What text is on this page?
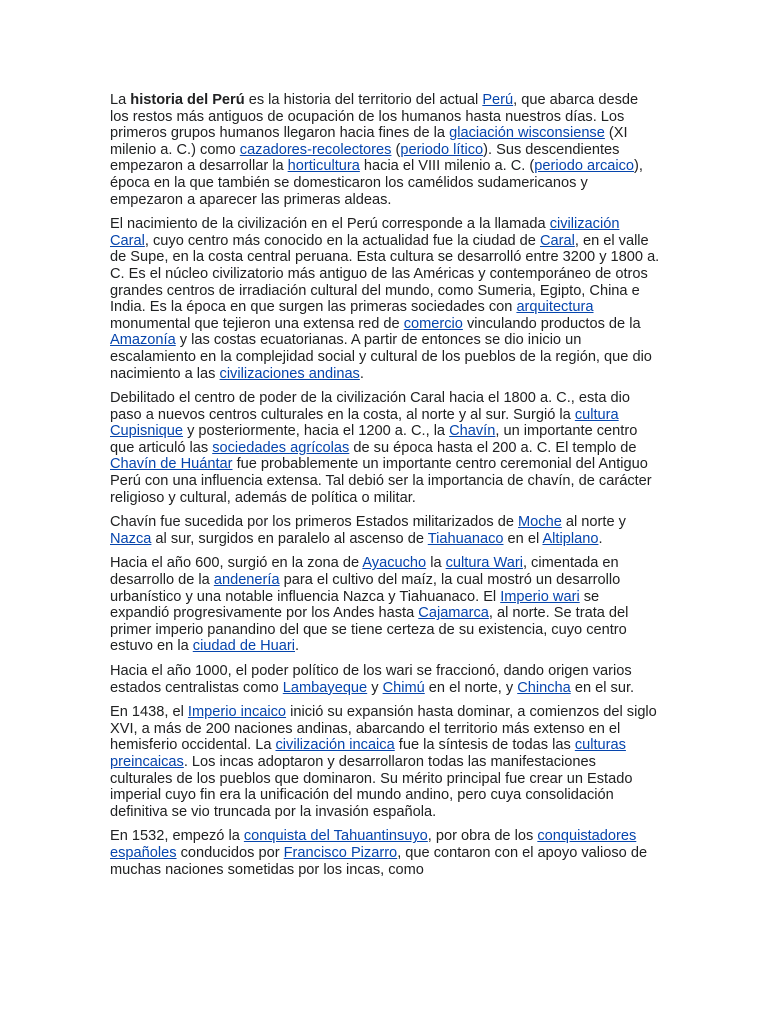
La historia del Perú es la historia del territorio del actual Perú, que abarca desde los restos más antiguos de ocupación de los humanos hasta nuestros días. Los primeros grupos humanos llegaron hacia fines de la glaciación wisconsiense (XI milenio a. C.) como cazadores-recolectores (periodo lítico). Sus descendientes empezaron a desarrollar la horticultura hacia el VIII milenio a. C. (periodo arcaico), época en la que también se domesticaron los camélidos sudamericanos y empezaron a aparecer las primeras aldeas.

El nacimiento de la civilización en el Perú corresponde a la llamada civilización Caral, cuyo centro más conocido en la actualidad fue la ciudad de Caral, en el valle de Supe, en la costa central peruana. Esta cultura se desarrolló entre 3200 y 1800 a. C. Es el núcleo civilizatorio más antiguo de las Américas y contemporáneo de otros grandes centros de irradiación cultural del mundo, como Sumeria, Egipto, China e India. Es la época en que surgen las primeras sociedades con arquitectura monumental que tejieron una extensa red de comercio vinculando productos de la Amazonía y las costas ecuatorianas. A partir de entonces se dio inicio un escalamiento en la complejidad social y cultural de los pueblos de la región, que dio nacimiento a las civilizaciones andinas.

Debilitado el centro de poder de la civilización Caral hacia el 1800 a. C., esta dio paso a nuevos centros culturales en la costa, al norte y al sur. Surgió la cultura Cupisnique y posteriormente, hacia el 1200 a. C., la Chavín, un importante centro que articuló las sociedades agrícolas de su época hasta el 200 a. C. El templo de Chavín de Huántar fue probablemente un importante centro ceremonial del Antiguo Perú con una influencia extensa. Tal debió ser la importancia de chavín, de carácter religioso y cultural, además de política o militar.

Chavín fue sucedida por los primeros Estados militarizados de Moche al norte y Nazca al sur, surgidos en paralelo al ascenso de Tiahuanaco en el Altiplano.

Hacia el año 600, surgió en la zona de Ayacucho la cultura Wari, cimentada en desarrollo de la andenería para el cultivo del maíz, la cual mostró un desarrollo urbanístico y una notable influencia Nazca y Tiahuanaco. El Imperio wari se expandió progresivamente por los Andes hasta Cajamarca, al norte. Se trata del primer imperio panandino del que se tiene certeza de su existencia, cuyo centro estuvo en la ciudad de Huari.

Hacia el año 1000, el poder político de los wari se fraccionó, dando origen varios estados centralistas como Lambayeque y Chimú en el norte, y Chincha en el sur.

En 1438, el Imperio incaico inició su expansión hasta dominar, a comienzos del siglo XVI, a más de 200 naciones andinas, abarcando el territorio más extenso en el hemisferio occidental. La civilización incaica fue la síntesis de todas las culturas preincaicas. Los incas adoptaron y desarrollaron todas las manifestaciones culturales de los pueblos que dominaron. Su mérito principal fue crear un Estado imperial cuyo fin era la unificación del mundo andino, pero cuya consolidación definitiva se vio truncada por la invasión española.

En 1532, empezó la conquista del Tahuantinsuyo, por obra de los conquistadores españoles conducidos por Francisco Pizarro, que contaron con el apoyo valioso de muchas naciones sometidas por los incas, como
